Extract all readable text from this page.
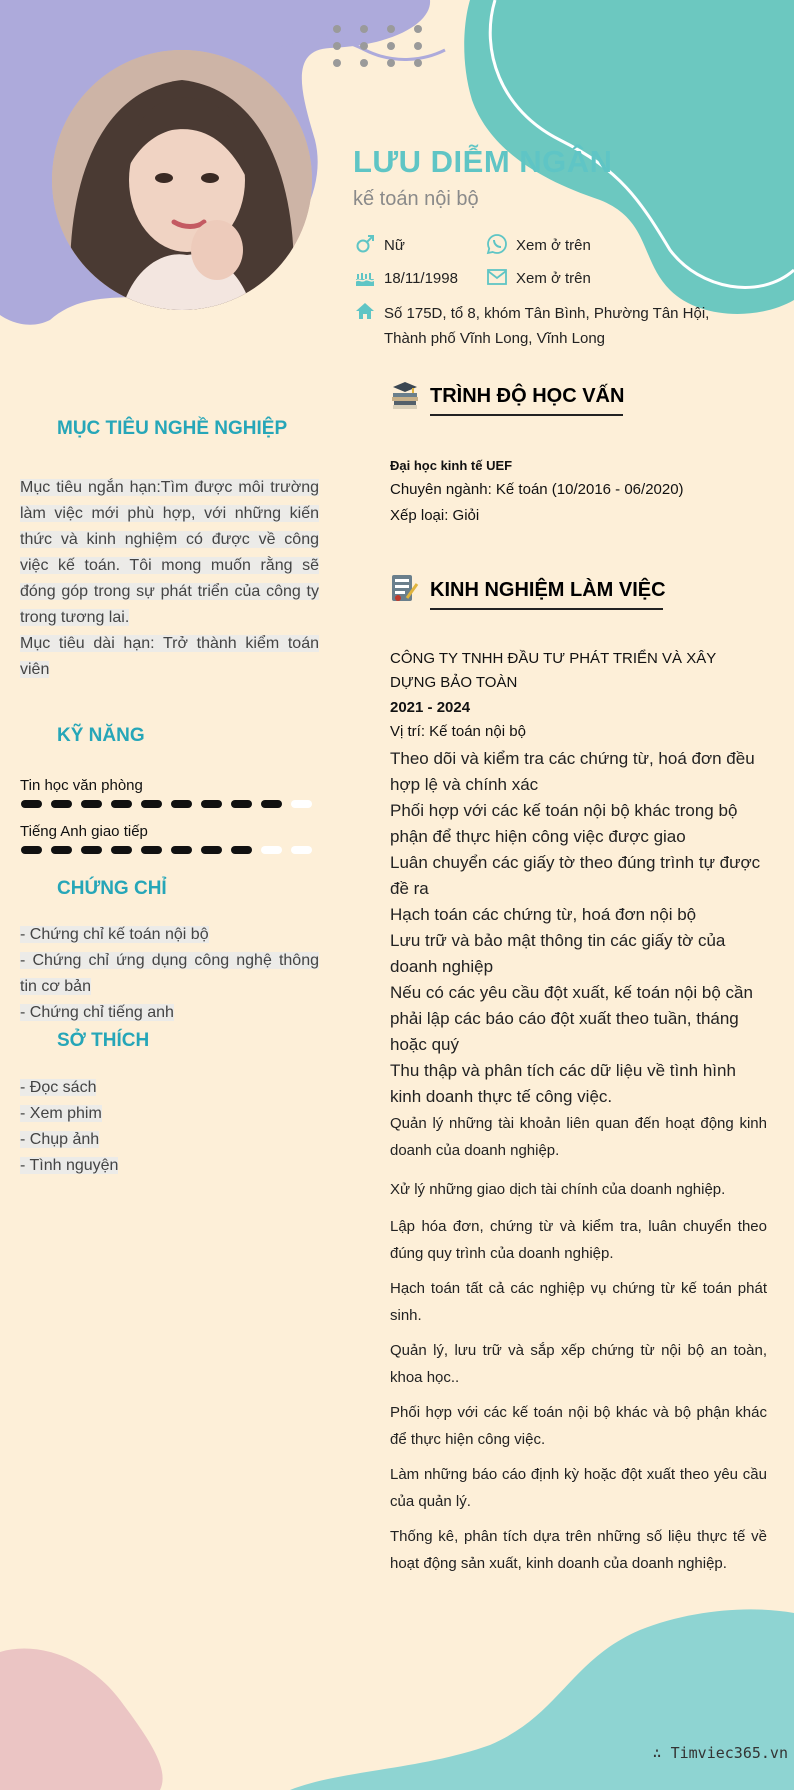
LƯU DIỄM NGÂN
kế toán nội bộ
Nữ	Xem ở trên
18/11/1998	Xem ở trên
Số 175D, tổ 8, khóm Tân Bình, Phường Tân Hội, Thành phố Vĩnh Long, Vĩnh Long
MỤC TIÊU NGHỀ NGHIỆP
Mục tiêu ngắn hạn:Tìm được môi trường làm việc mới phù hợp, với những kiến thức và kinh nghiệm có được về công việc kế toán. Tôi mong muốn rằng sẽ đóng góp trong sự phát triển của công ty trong tương lai.
Mục tiêu dài hạn: Trở thành kiểm toán viên
KỸ NĂNG
Tin học văn phòng
Tiếng Anh giao tiếp
CHỨNG CHỈ
- Chứng chỉ kế toán nội bộ
- Chứng chỉ ứng dụng công nghệ thông tin cơ bản
- Chứng chỉ tiếng anh
SỞ THÍCH
- Đọc sách
- Xem phim
- Chụp ảnh
- Tình nguyện
TRÌNH ĐỘ HỌC VẤN
Đại học kinh tế UEF
Chuyên ngành: Kế toán (10/2016 - 06/2020)
Xếp loại: Giỏi
KINH NGHIỆM LÀM VIỆC
CÔNG TY TNHH ĐẦU TƯ PHÁT TRIỂN VÀ XÂY DỰNG BẢO TOÀN
2021 - 2024
Vị trí: Kế toán nội bộ
Theo dõi và kiểm tra các chứng từ, hoá đơn đều hợp lệ và chính xác
Phối hợp với các kế toán nội bộ khác trong bộ phận để thực hiện công việc được giao
Luân chuyển các giấy tờ theo đúng trình tự được đề ra
Hạch toán các chứng từ, hoá đơn nội bộ
Lưu trữ và bảo mật thông tin các giấy tờ của doanh nghiệp
Nếu có các yêu cầu đột xuất, kế toán nội bộ cần phải lập các báo cáo đột xuất theo tuần, tháng hoặc quý
Thu thập và phân tích các dữ liệu về tình hình kinh doanh thực tế công việc.
Quản lý những tài khoản liên quan đến hoạt động kinh doanh của doanh nghiệp.
Xử lý những giao dịch tài chính của doanh nghiệp.
Lập hóa đơn, chứng từ và kiểm tra, luân chuyển theo đúng quy trình của doanh nghiệp.
Hạch toán tất cả các nghiệp vụ chứng từ kế toán phát sinh.
Quản lý, lưu trữ và sắp xếp chứng từ nội bộ an toàn, khoa học..
Phối hợp với các kế toán nội bộ khác và bộ phận khác để thực hiện công việc.
Làm những báo cáo định kỳ hoặc đột xuất theo yêu cầu của quản lý.
Thống kê, phân tích dựa trên những số liệu thực tế về hoạt động sản xuất, kinh doanh của doanh nghiệp.
∴ Timviec365.vn
